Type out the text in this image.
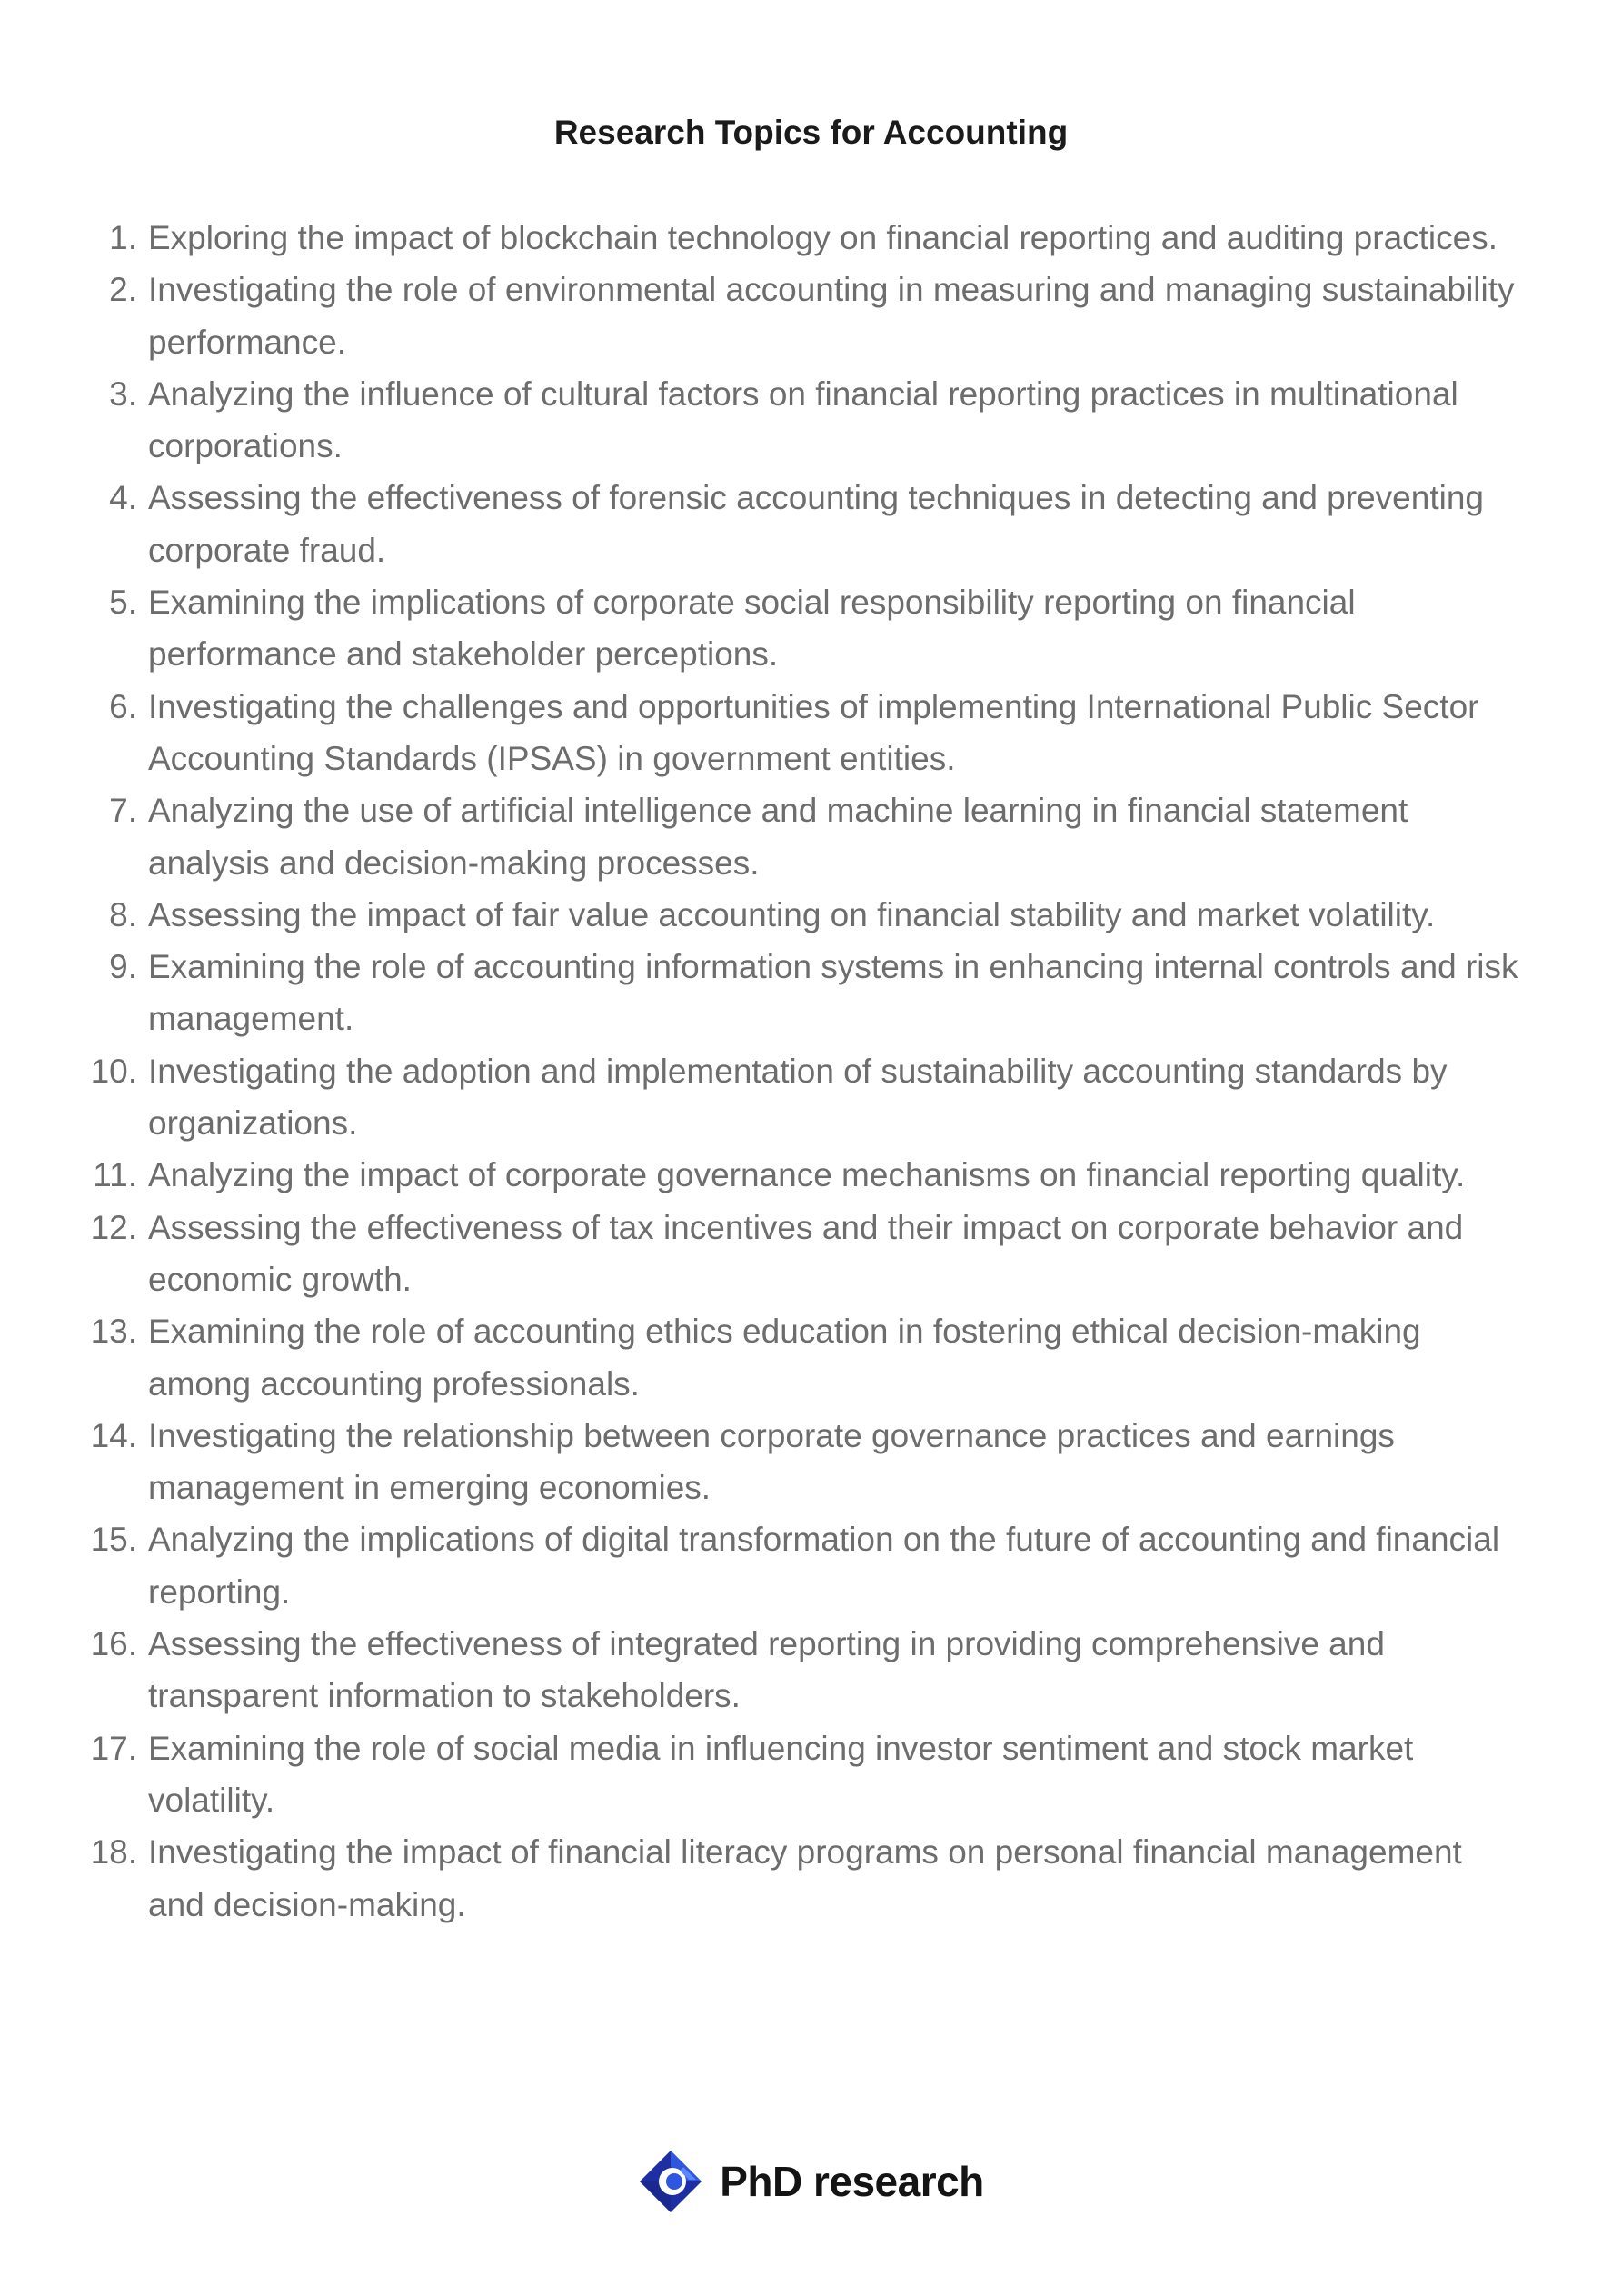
Research Topics for Accounting
1. Exploring the impact of blockchain technology on financial reporting and auditing practices.
2. Investigating the role of environmental accounting in measuring and managing sustainability performance.
3. Analyzing the influence of cultural factors on financial reporting practices in multinational corporations.
4. Assessing the effectiveness of forensic accounting techniques in detecting and preventing corporate fraud.
5. Examining the implications of corporate social responsibility reporting on financial performance and stakeholder perceptions.
6. Investigating the challenges and opportunities of implementing International Public Sector Accounting Standards (IPSAS) in government entities.
7. Analyzing the use of artificial intelligence and machine learning in financial statement analysis and decision-making processes.
8. Assessing the impact of fair value accounting on financial stability and market volatility.
9. Examining the role of accounting information systems in enhancing internal controls and risk management.
10. Investigating the adoption and implementation of sustainability accounting standards by organizations.
11. Analyzing the impact of corporate governance mechanisms on financial reporting quality.
12. Assessing the effectiveness of tax incentives and their impact on corporate behavior and economic growth.
13. Examining the role of accounting ethics education in fostering ethical decision-making among accounting professionals.
14. Investigating the relationship between corporate governance practices and earnings management in emerging economies.
15. Analyzing the implications of digital transformation on the future of accounting and financial reporting.
16. Assessing the effectiveness of integrated reporting in providing comprehensive and transparent information to stakeholders.
17. Examining the role of social media in influencing investor sentiment and stock market volatility.
18. Investigating the impact of financial literacy programs on personal financial management and decision-making.
PhD research
